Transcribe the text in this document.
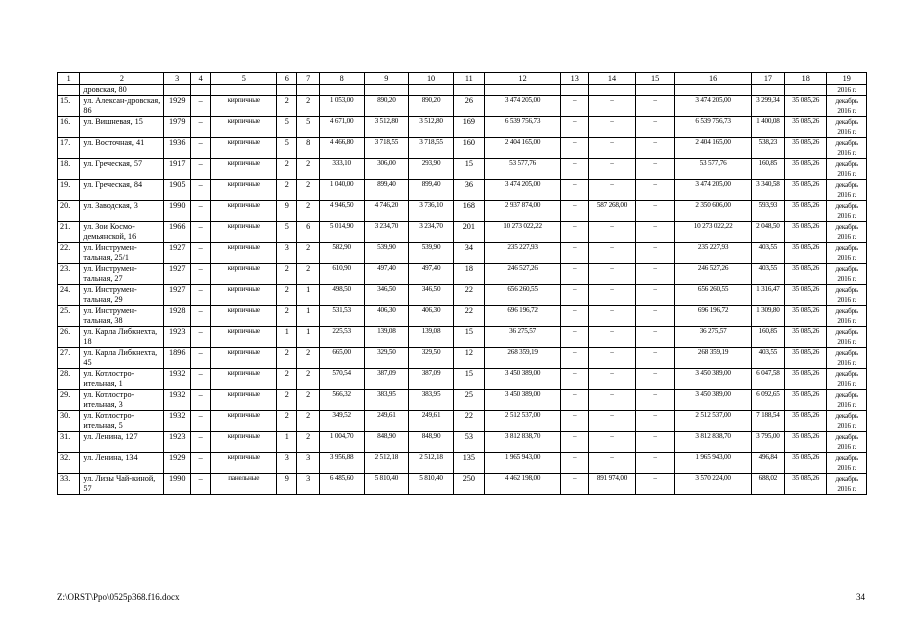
1	2	3	4	5	6	7	8	9	10	11	12	13	14	15	16	17	18	19
	дровская, 80																	2016 г.
15.	ул. Алексан-дровская, 86	1929	–	кирпичные	2	2	1 053,00	890,20	890,20	26	3 474 205,00	–	–	–	3 474 205,00	3 299,34	35 085,26	декабрь 2016 г.
16.	ул. Вишневая, 15	1979	–	кирпичные	5	5	4 671,00	3 512,80	3 512,80	169	6 539 756,73	–	–	–	6 539 756,73	1 400,08	35 085,26	декабрь 2016 г.
17.	ул. Восточная, 41	1936	–	кирпичные	5	8	4 466,80	3 718,55	3 718,55	160	2 404 165,00	–	–	–	2 404 165,00	538,23	35 085,26	декабрь 2016 г.
18.	ул. Греческая, 57	1917	–	кирпичные	2	2	333,10	306,00	293,90	15	53 577,76	–	–	–	53 577,76	160,85	35 085,26	декабрь 2016 г.
19.	ул. Греческая, 84	1905	–	кирпичные	2	2	1 040,00	899,40	899,40	36	3 474 205,00	–	–	–	3 474 205,00	3 340,58	35 085,26	декабрь 2016 г.
20.	ул. Заводская, 3	1990	–	кирпичные	9	2	4 946,50	4 746,20	3 736,10	168	2 937 874,00	–	587 268,00	–	2 350 606,00	593,93	35 085,26	декабрь 2016 г.
21.	ул. Зои Космо-демьянской, 16	1966	–	кирпичные	5	6	5 014,90	3 234,70	3 234,70	201	10 273 022,22	–	–	–	10 273 022,22	2 048,50	35 085,26	декабрь 2016 г.
22.	ул. Инструмен-тальная, 25/1	1927	–	кирпичные	3	2	582,90	539,90	539,90	34	235 227,93	–	–	–	235 227,93	403,55	35 085,26	декабрь 2016 г.
23.	ул. Инструмен-тальная, 27	1927	–	кирпичные	2	2	610,90	497,40	497,40	18	246 527,26	–	–	–	246 527,26	403,55	35 085,26	декабрь 2016 г.
24.	ул. Инструмен-тальная, 29	1927	–	кирпичные	2	1	498,50	346,50	346,50	22	656 260,55	–	–	–	656 260,55	1 316,47	35 085,26	декабрь 2016 г.
25.	ул. Инструмен-тальная, 38	1928	–	кирпичные	2	1	531,53	406,30	406,30	22	696 196,72	–	–	–	696 196,72	1 309,80	35 085,26	декабрь 2016 г.
26.	ул. Карла Либкнехта, 18	1923	–	кирпичные	1	1	225,53	139,08	139,08	15	36 275,57	–	–	–	36 275,57	160,85	35 085,26	декабрь 2016 г.
27.	ул. Карла Либкнехта, 45	1896	–	кирпичные	2	2	665,00	329,50	329,50	12	268 359,19	–	–	–	268 359,19	403,55	35 085,26	декабрь 2016 г.
28.	ул. Котлостро-ительная, 1	1932	–	кирпичные	2	2	570,54	387,09	387,09	15	3 450 389,00	–	–	–	3 450 389,00	6 047,58	35 085,26	декабрь 2016 г.
29.	ул. Котлостро-ительная, 3	1932	–	кирпичные	2	2	566,32	383,95	383,95	25	3 450 389,00	–	–	–	3 450 389,00	6 092,65	35 085,26	декабрь 2016 г.
30.	ул. Котлостро-ительная, 5	1932	–	кирпичные	2	2	349,52	249,61	249,61	22	2 512 537,00	–	–	–	2 512 537,00	7 188,54	35 085,26	декабрь 2016 г.
31.	ул. Ленина, 127	1923	–	кирпичные	1	2	1 004,70	848,90	848,90	53	3 812 838,70	–	–	–	3 812 838,70	3 795,00	35 085,26	декабрь 2016 г.
32.	ул. Ленина, 134	1929	–	кирпичные	3	3	3 956,88	2 512,18	2 512,18	135	1 965 943,00	–	–	–	1 965 943,00	496,84	35 085,26	декабрь 2016 г.
33.	ул. Лизы Чай-киной, 57	1990	–	панельные	9	3	6 485,60	5 810,40	5 810,40	250	4 462 198,00	–	891 974,00	–	3 570 224,00	688,02	35 085,26	декабрь 2016 г.
Z:\ORST\Ppo\0525p368.f16.docx	34
